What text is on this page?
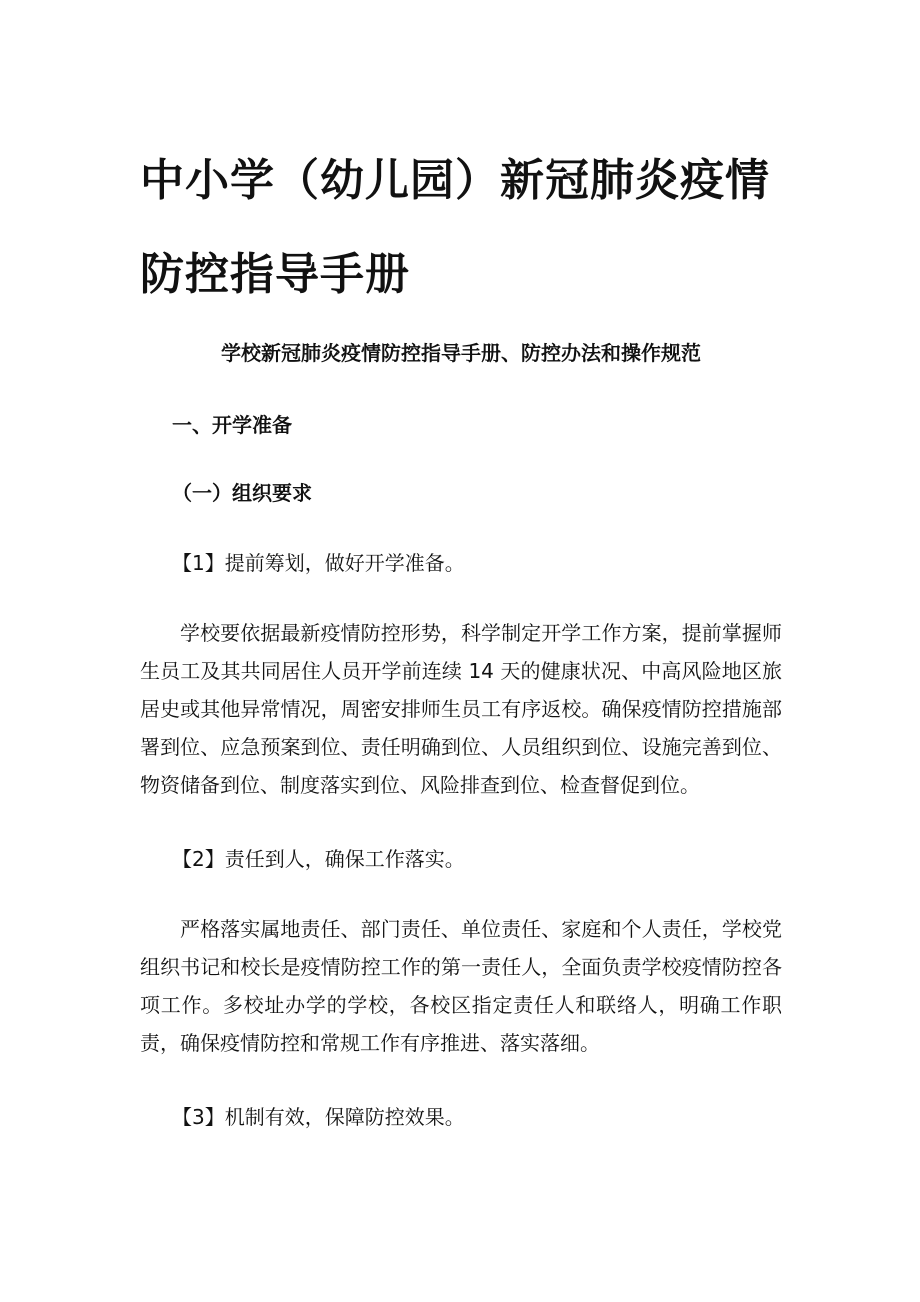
中小学（幼儿园）新冠肺炎疫情防控指导手册
学校新冠肺炎疫情防控指导手册、防控办法和操作规范
一、开学准备
（一）组织要求
【1】提前筹划，做好开学准备。

学校要依据最新疫情防控形势，科学制定开学工作方案，提前掌握师生员工及其共同居住人员开学前连续 14 天的健康状况、中高风险地区旅居史或其他异常情况，周密安排师生员工有序返校。确保疫情防控措施部署到位、应急预案到位、责任明确到位、人员组织到位、设施完善到位、物资储备到位、制度落实到位、风险排查到位、检查督促到位。

【2】责任到人，确保工作落实。

严格落实属地责任、部门责任、单位责任、家庭和个人责任，学校党组织书记和校长是疫情防控工作的第一责任人，全面负责学校疫情防控各项工作。多校址办学的学校，各校区指定责任人和联络人，明确工作职责，确保疫情防控和常规工作有序推进、落实落细。

【3】机制有效，保障防控效果。
